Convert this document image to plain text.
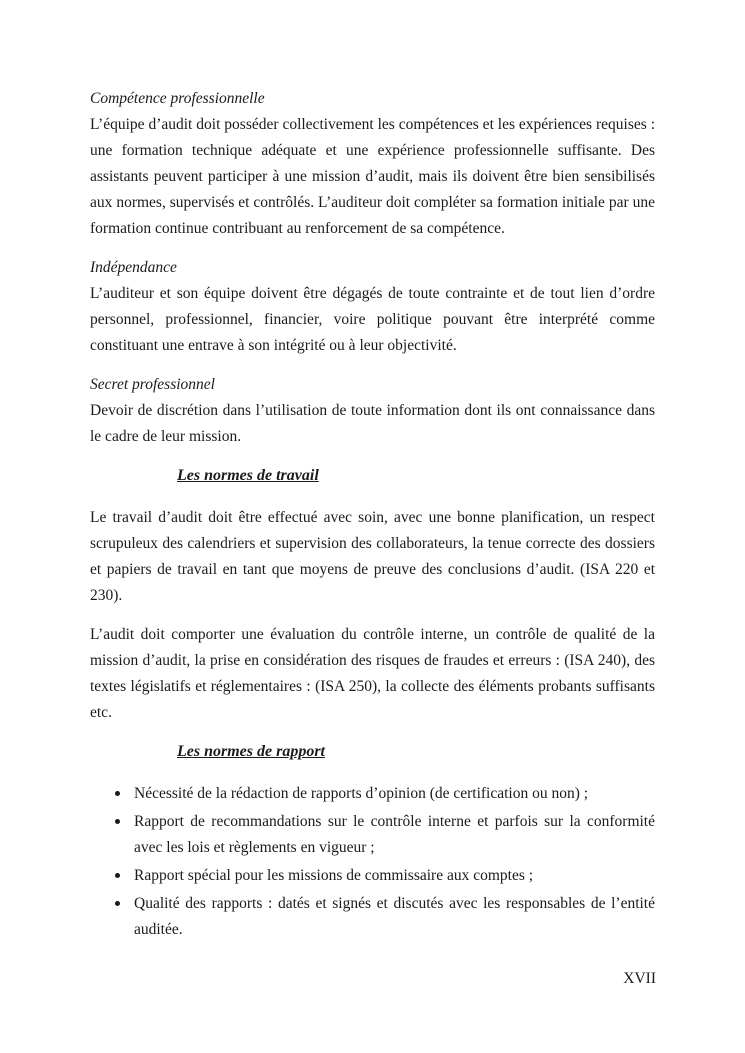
Compétence professionnelle

L’équipe d’audit doit posséder collectivement les compétences et les expériences requises : une formation technique adéquate et une expérience professionnelle suffisante. Des assistants peuvent participer à une mission d’audit, mais ils doivent être bien sensibilisés aux normes, supervisés et contrôlés. L’auditeur doit compléter sa formation initiale par une formation continue contribuant au renforcement de sa compétence.

Indépendance

L’auditeur et son équipe doivent être dégagés de toute contrainte et de tout lien d’ordre personnel, professionnel, financier, voire politique pouvant être interprété comme constituant une entrave à son intégrité ou à leur objectivité.

Secret professionnel

Devoir de discrétion dans l’utilisation de toute information dont ils ont connaissance dans le cadre de leur mission.

Les normes de travail

Le travail d’audit doit être effectué avec soin, avec une bonne planification, un respect scrupuleux des calendriers et supervision des collaborateurs, la tenue correcte des dossiers et papiers de travail en tant que moyens de preuve des conclusions d’audit. (ISA 220 et 230).

L’audit doit comporter une évaluation du contrôle interne, un contrôle de qualité de la mission d’audit, la prise en considération des risques de fraudes et erreurs : (ISA 240), des textes législatifs et réglementaires : (ISA 250), la collecte des éléments probants suffisants etc.

Les normes de rapport
Nécessité de la rédaction de rapports d’opinion (de certification ou non) ;
Rapport de recommandations sur le contrôle interne et parfois sur la conformité avec les lois et règlements en vigueur ;
Rapport spécial pour les missions de commissaire aux comptes ;
Qualité des rapports : datés et signés et discutés avec les responsables de l’entité auditée.
XVII
